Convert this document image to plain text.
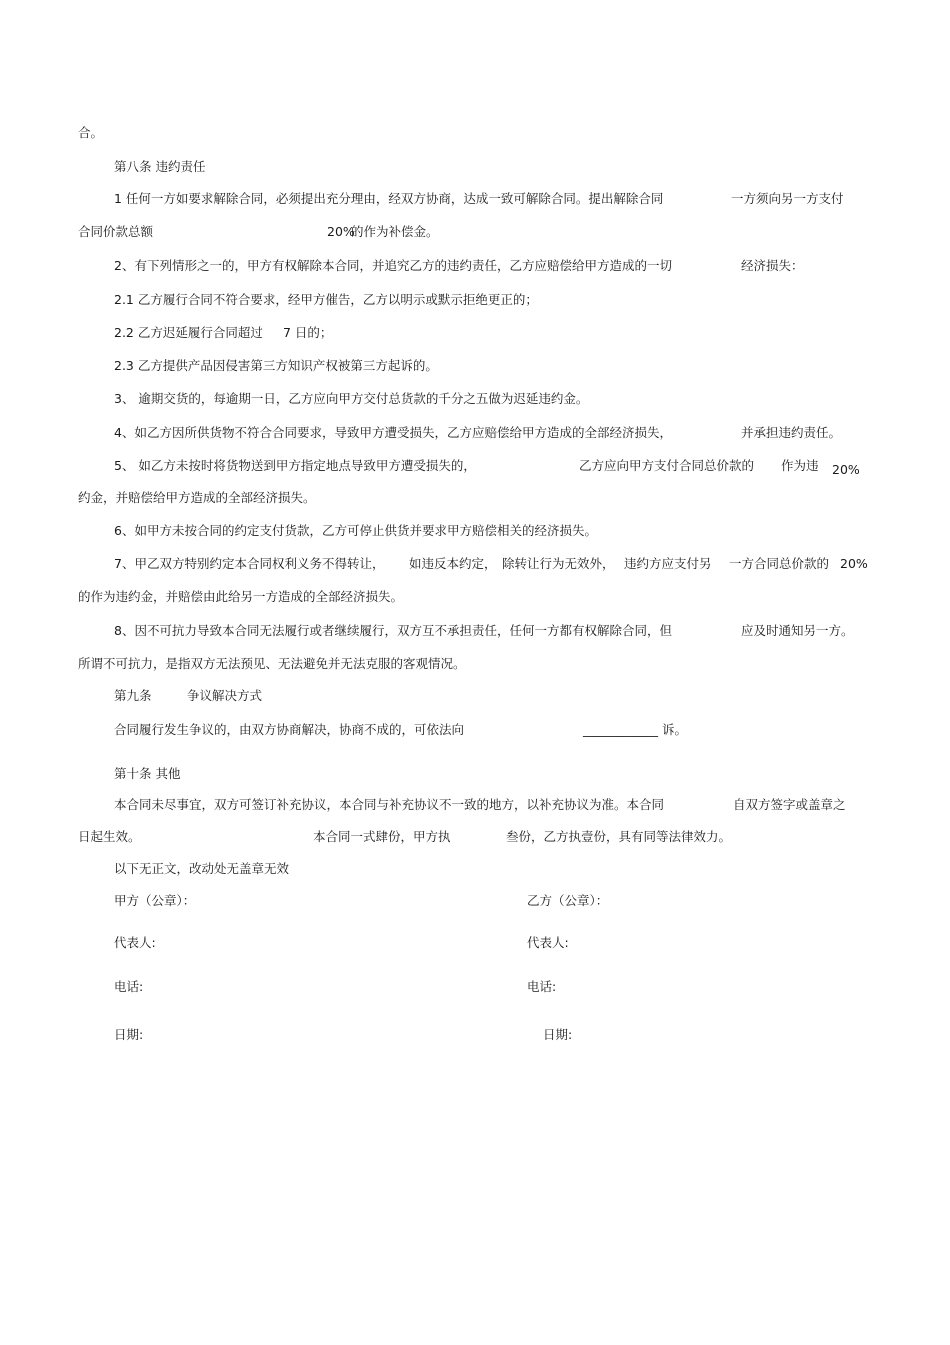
合。
第八条 违约责任
1 任何一方如要求解除合同，必须提出充分理由，经双方协商，达成一致可解除合同。提出解除合同	一方须向另一方支付
合同价款总额	20%
的作为补偿金。
2、有下列情形之一的，甲方有权解除本合同，并追究乙方的违约责任，乙方应赔偿给甲方造成的一切	经济损失：
2.1 乙方履行合同不符合要求，经甲方催告，乙方以明示或默示拒绝更正的；
2.2 乙方迟延履行合同超过 7 日的；
2.3 乙方提供产品因侵害第三方知识产权被第三方起诉的。
3、 逾期交货的，每逾期一日，乙方应向甲方交付总货款的千分之五做为迟延违约金。
4、如乙方因所供货物不符合合同要求，导致甲方遭受损失，乙方应赔偿给甲方造成的全部经济损失，	并承担违约责任。
5、 如乙方未按时将货物送到甲方指定地点导致甲方遭受损失的，	乙方应向甲方支付合同总价款的 作为违 20%
约金，并赔偿给甲方造成的全部经济损失。
6、如甲方未按合同的约定支付货款，乙方可停止供货并要求甲方赔偿相关的经济损失。
7、甲乙双方特别约定本合同权利义务不得转让， 如违反本约定， 除转让行为无效外， 违约方应支付另 一方合同总价款的 20%
的作为违约金，并赔偿由此给另一方造成的全部经济损失。
8、因不可抗力导致本合同无法履行或者继续履行，双方互不承担责任，任何一方都有权解除合同，但	应及时通知另一方。
所谓不可抗力，是指双方无法预见、无法避免并无法克服的客观情况。
第九条	争议解决方式
合同履行发生争议的，由双方协商解决，协商不成的，可依法向	____________ 诉。
第十条 其他
本合同未尽事宜，双方可签订补充协议，本合同与补充协议不一致的地方，以补充协议为准。本合同	自双方签字或盖章之
日起生效。	本合同一式肆份，甲方执	叁份，乙方执壹份，具有同等法律效力。
以下无正文，改动处无盖章无效
甲方（公章）：	乙方（公章）：
代表人:	代表人:
电话:	电话:
日期:	日期:
